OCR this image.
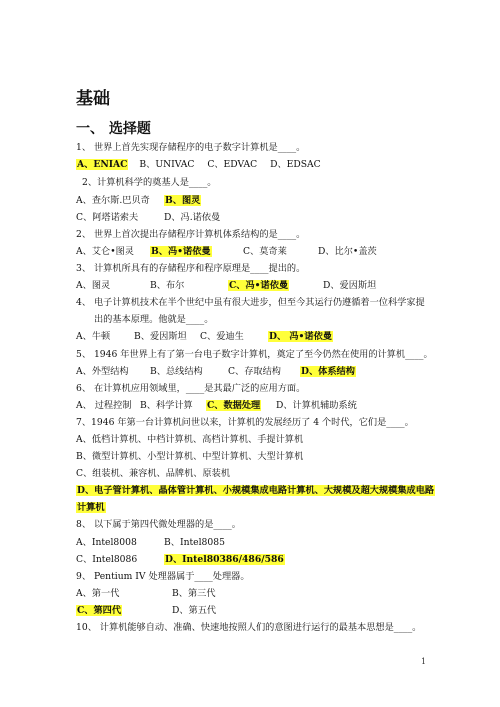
基础
一、 选择题
1、 世界上首先实现存储程序的电子数字计算机是____。
A、ENIAC B、UNIVAC C、EDVAC D、EDSAC
2、计算机科学的奠基人是____。
A、查尔斯.巴贝奇 B、图灵
C、阿塔诺索夫	D、冯.诺依曼
2、 世界上首次提出存储程序计算机体系结构的是____。
A、艾仑•图灵 B、冯•诺依曼	C、莫奇莱	D、比尔•盖茨
3、 计算机所具有的存储程序和程序原理是____提出的。
A、图灵	B、布尔	C、冯•诺依曼	D、爱因斯坦
4、 电子计算机技术在半个世纪中虽有很大进步，但至今其运行仍遵循着一位科学家提
出的基本原理。他就是____。
A、牛顿	B、爱因斯坦 C、爱迪生	D、 冯•诺依曼
5、 1946 年世界上有了第一台电子数字计算机，奠定了至今仍然在使用的计算机____。
A、外型结构 B、总线结构	C、存取结构 D、体系结构
6、 在计算机应用领域里，____是其最广泛的应用方面。
A、 过程控制 B、科学计算 C、数据处理 D、计算机辅助系统
7、1946 年第一台计算机问世以来，计算机的发展经历了 4 个时代，它们是____。
A、低档计算机、中档计算机、高档计算机、手提计算机
B、微型计算机、小型计算机、中型计算机、大型计算机
C、组装机、兼容机、品牌机、原装机
D、电子管计算机、晶体管计算机、小规模集成电路计算机、大规模及超大规模集成电路
计算机
8、 以下属于第四代微处理器的是____。
A、Intel8008	B、Intel8085
C、Intel8086	D、Intel80386/486/586
9、 Pentium IV 处理器属于____处理器。
A、第一代	B、第三代
C、第四代	D、第五代
10、 计算机能够自动、准确、快速地按照人们的意图进行运行的最基本思想是____。
1
